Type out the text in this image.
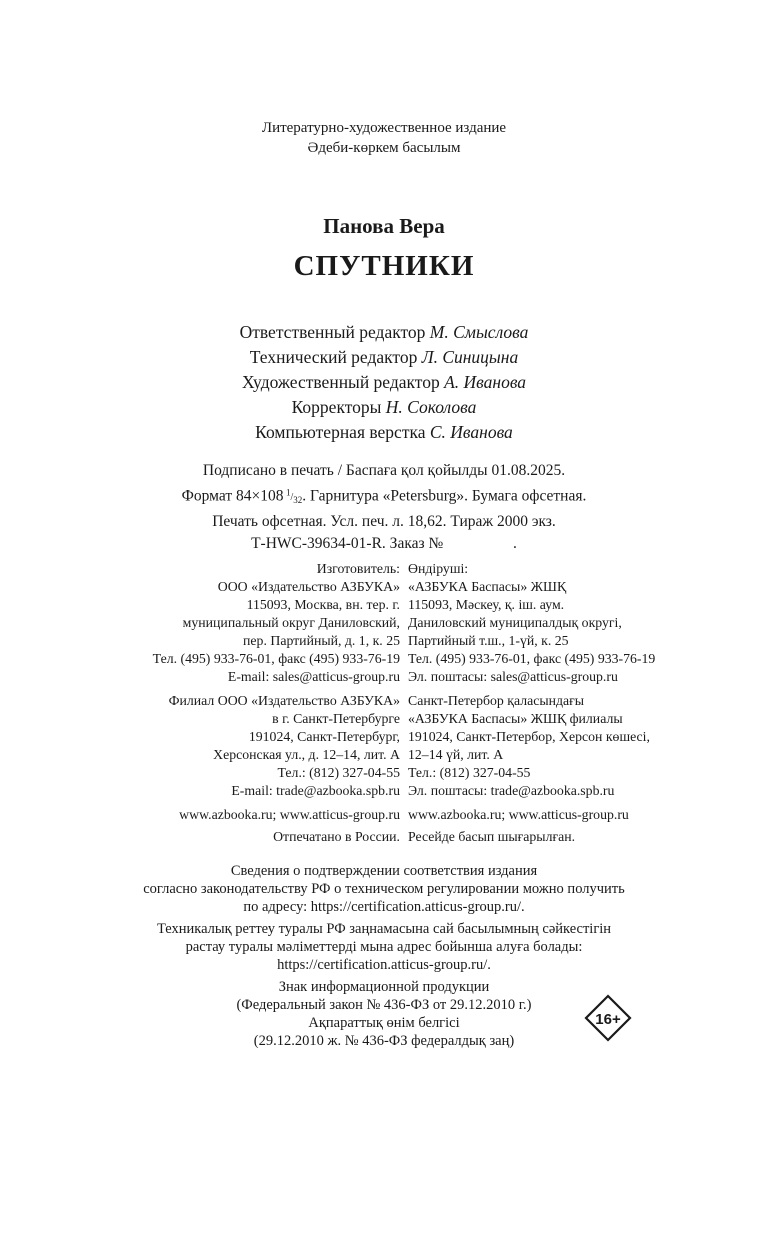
Литературно-художественное издание
Әдеби-көркем басылым
Панова Вера
СПУТНИКИ
Ответственный редактор М. Смыслова
Технический редактор Л. Синицына
Художественный редактор А. Иванова
Корректоры Н. Соколова
Компьютерная верстка С. Иванова
Подписано в печать / Баспаға қол қойылды 01.08.2025.
Формат 84×108 $^1/_{32}$. Гарнитура «Petersburg». Бумага офсетная.
Печать офсетная. Усл. печ. л. 18,62. Тираж 2000 экз.
Т-HWC-39634-01-R. Заказ №                  .
Изготовитель:
ООО «Издательство АЗБУКА»
115093, Москва, вн. тер. г.
муниципальный округ Даниловский,
пер. Партийный, д. 1, к. 25
Тел. (495) 933-76-01, факс (495) 933-76-19
E-mail: sales@atticus-group.ru
Өндіруші:
«АЗБУКА Баспасы» ЖШҚ
115093, Мәскеу, қ. іш. аум.
Даниловский муниципалдық округі,
Партийный т.ш., 1-үй, к. 25
Тел. (495) 933-76-01, факс (495) 933-76-19
Эл. поштасы: sales@atticus-group.ru
Филиал ООО «Издательство АЗБУКА»
в г. Санкт-Петербурге
191024, Санкт-Петербург,
Херсонская ул., д. 12–14, лит. А
Тел.: (812) 327-04-55
E-mail: trade@azbooka.spb.ru
Санкт-Петербор қаласындағы
«АЗБУКА Баспасы» ЖШҚ филиалы
191024, Санкт-Петербор, Херсон көшесі,
12–14 үй, лит. А
Тел.: (812) 327-04-55
Эл. поштасы: trade@azbooka.spb.ru
www.azbooka.ru; www.atticus-group.ru www.azbooka.ru; www.atticus-group.ru
Отпечатано в России. Ресейде басып шығарылған.
Сведения о подтверждении соответствия издания
согласно законодательству РФ о техническом регулировании можно получить
по адресу: https://certification.atticus-group.ru/.
Техникалық реттеу туралы РФ заңнамасына сай басылымның сәйкестігін
растау туралы мәліметтерді мына адрес бойынша алуға болады:
https://certification.atticus-group.ru/.
Знак информационной продукции
(Федеральный закон № 436-ФЗ от 29.12.2010 г.)
Ақпараттық өнім белгісі
(29.12.2010 ж. № 436-ФЗ федералдық заң)
16+
